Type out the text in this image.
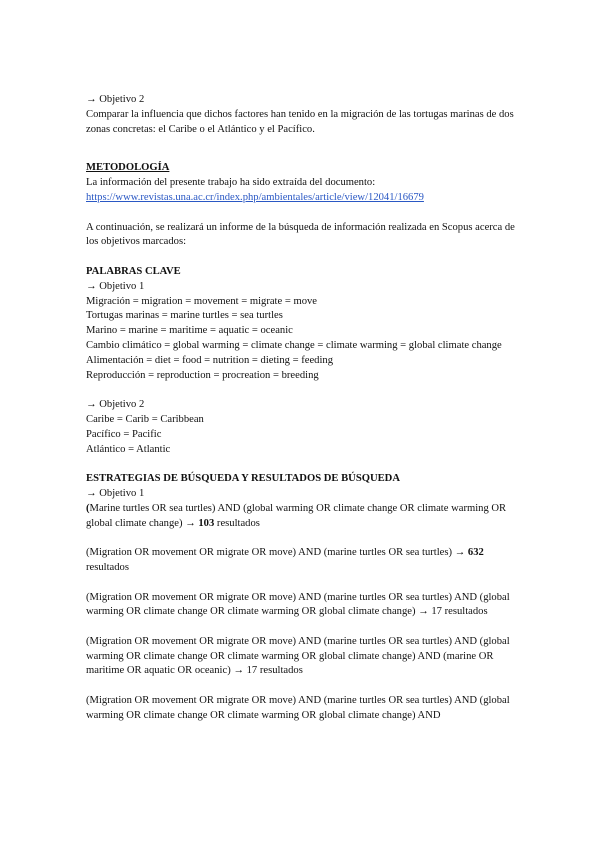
→ Objetivo 2

Comparar la influencia que dichos factores han tenido en la migración de las tortugas marinas de dos zonas concretas: el Caribe o el Atlántico y el Pacífico.

METODOLOGÍA

La información del presente trabajo ha sido extraída del documento:

https://www.revistas.una.ac.cr/index.php/ambientales/article/view/12041/16679

A continuación, se realizará un informe de la búsqueda de información realizada en Scopus acerca de los objetivos marcados:

PALABRAS CLAVE
→ Objetivo 1
Migración = migration = movement = migrate = move
Tortugas marinas = marine turtles = sea turtles
Marino = marine = maritime = aquatic = oceanic

Cambio climático = global warming = climate change = climate warming = global climate change

Alimentación = diet = food = nutrition = dieting = feeding
Reproducción = reproduction = procreation = breeding
→ Objetivo 2
Caribe = Carib = Caribbean
Pacífico = Pacific
Atlántico = Atlantic
ESTRATEGIAS DE BÚSQUEDA Y RESULTADOS DE BÚSQUEDA
→ Objetivo 1

(Marine turtles OR sea turtles) AND (global warming OR climate change OR climate warming OR global climate change) → 103 resultados

(Migration OR movement OR migrate OR move) AND (marine turtles OR sea turtles) → 632 resultados

(Migration OR movement OR migrate OR move) AND (marine turtles OR sea turtles) AND (global warming OR climate change OR climate warming OR global climate change) → 17 resultados

(Migration OR movement OR migrate OR move) AND (marine turtles OR sea turtles) AND (global warming OR climate change OR climate warming OR global climate change) AND (marine OR maritime OR aquatic OR oceanic) → 17 resultados

(Migration OR movement OR migrate OR move) AND (marine turtles OR sea turtles) AND (global warming OR climate change OR climate warming OR global climate change) AND
